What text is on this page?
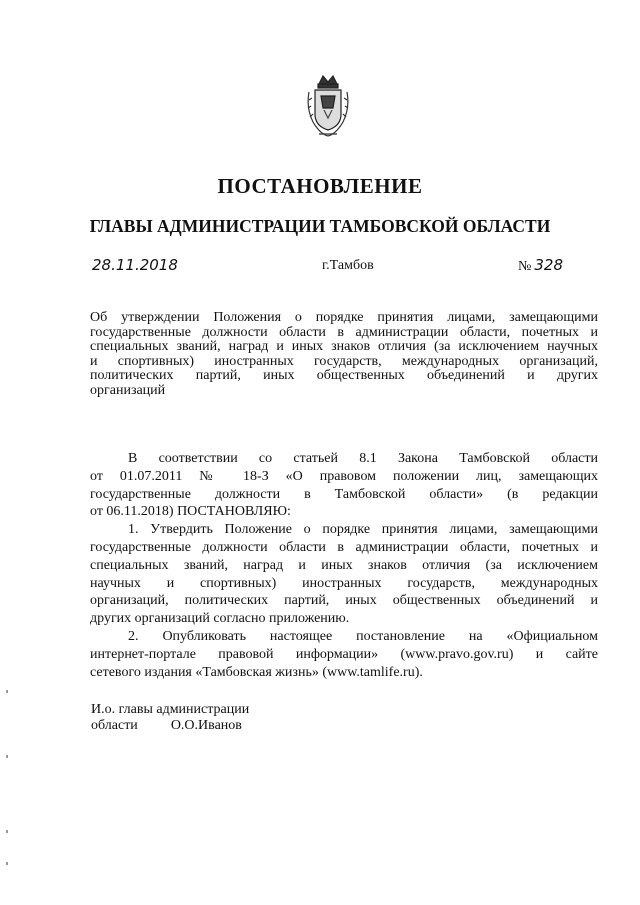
ПОСТАНОВЛЕНИЕ
ГЛАВЫ АДМИНИСТРАЦИИ ТАМБОВСКОЙ ОБЛАСТИ
28.11.2018	г.Тамбов	№ 328
Об утверждении Положения о порядке принятия лицами, замещающими
государственные должности области в администрации области, почетных и
специальных званий, наград и иных знаков отличия (за исключением научных
и спортивных) иностранных государств, международных организаций,
политических партий, иных общественных объединений и других
организаций
В соответствии со статьей 8.1 Закона Тамбовской области
от 01.07.2011 № 18-З «О правовом положении лиц, замещающих
государственные должности в Тамбовской области» (в редакции
от 06.11.2018) ПОСТАНОВЛЯЮ:
1. Утвердить Положение о порядке принятия лицами, замещающими
государственные должности области в администрации области, почетных и
специальных званий, наград и иных знаков отличия (за исключением
научных и спортивных) иностранных государств, международных
организаций, политических партий, иных общественных объединений и
других организаций согласно приложению.
2. Опубликовать настоящее постановление на «Официальном
интернет-портале правовой информации» (www.pravo.gov.ru) и сайте
сетевого издания «Тамбовская жизнь» (www.tamlife.ru).
И.о. главы администрации
области О.О.Иванов
